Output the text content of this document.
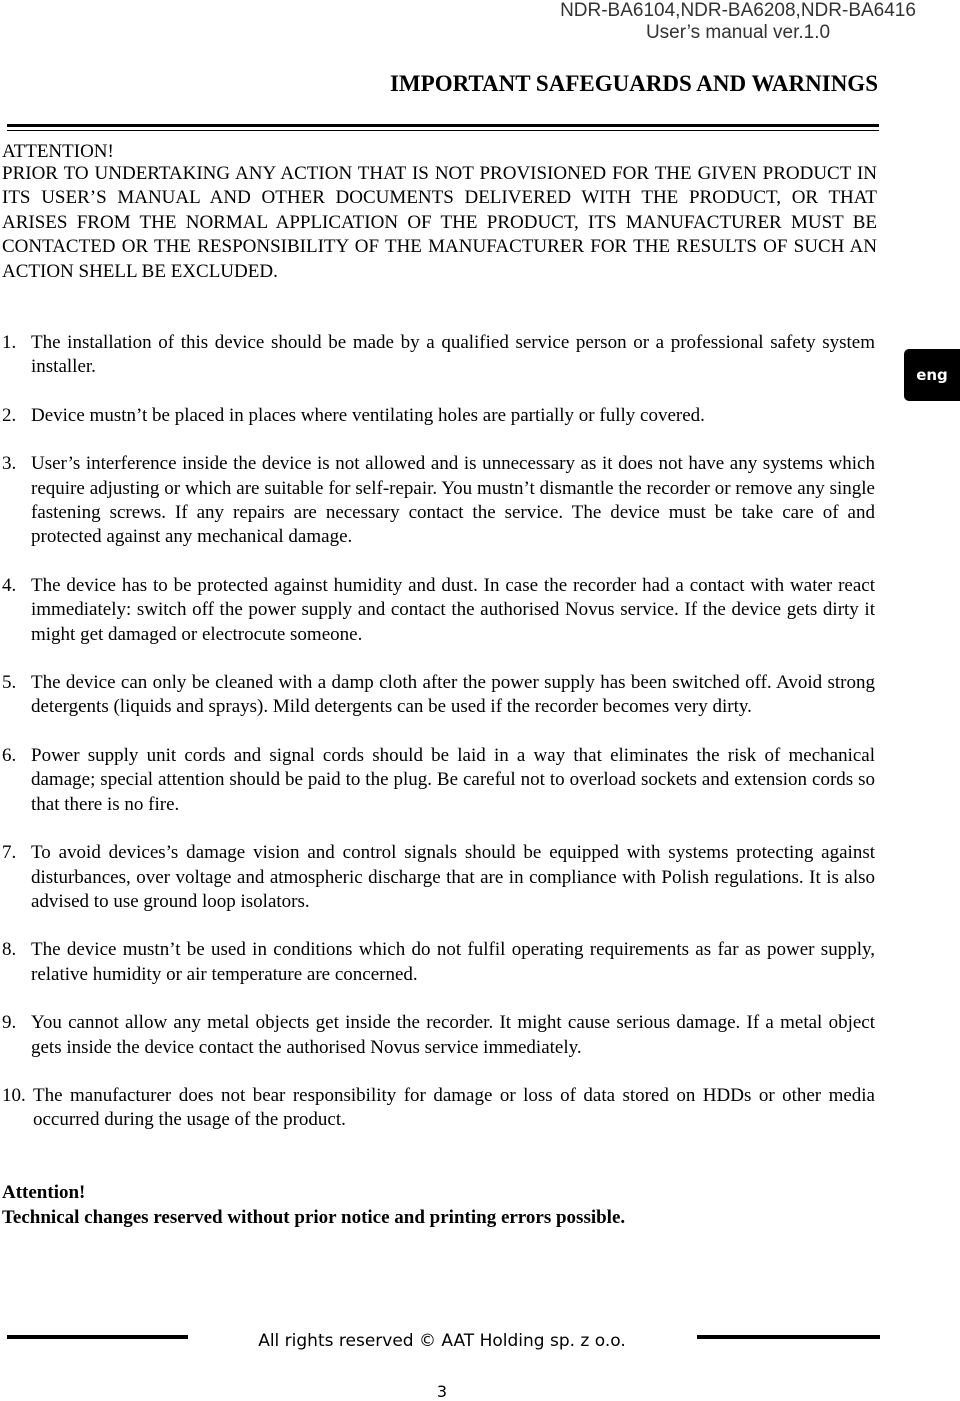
NDR-BA6104,NDR-BA6208,NDR-BA6416
User’s manual ver.1.0
IMPORTANT SAFEGUARDS AND WARNINGS
ATTENTION!

PRIOR TO UNDERTAKING ANY ACTION THAT IS NOT PROVISIONED FOR THE GIVEN PRODUCT IN ITS USER’S MANUAL AND OTHER DOCUMENTS DELIVERED WITH THE PRODUCT, OR THAT ARISES FROM THE NORMAL APPLICATION OF THE PRODUCT, ITS MANUFACTURER MUST BE CONTACTED OR THE RESPONSIBILITY OF THE MANUFACTURER FOR THE RESULTS OF SUCH AN ACTION SHELL BE EXCLUDED.

1. The installation of this device should be made by a qualified service person or a professional safety system installer.
2. Device mustn’t be placed in places where ventilating holes are partially or fully covered.
3. User’s interference inside the device is not allowed and is unnecessary as it does not have any systems which require adjusting or which are suitable for self-repair. You mustn’t dismantle the recorder or remove any single fastening screws. If any repairs are necessary contact the service. The device must be take care of and protected against any mechanical damage.
4. The device has to be protected against humidity and dust. In case the recorder had a contact with water react immediately: switch off the power supply and contact the authorised Novus service. If the device gets dirty it might get damaged or electrocute someone.
5. The device can only be cleaned with a damp cloth after the power supply has been switched off. Avoid strong detergents (liquids and sprays). Mild detergents can be used if the recorder becomes very dirty.
6. Power supply unit cords and signal cords should be laid in a way that eliminates the risk of mechanical damage; special attention should be paid to the plug. Be careful not to overload sockets and extension cords so that there is no fire.
7. To avoid devices’s damage vision and control signals should be equipped with systems protecting against disturbances, over voltage and atmospheric discharge that are in compliance with Polish regulations. It is also advised to use ground loop isolators.
8. The device mustn’t be used in conditions which do not fulfil operating requirements as far as power supply, relative humidity or air temperature are concerned.
9. You cannot allow any metal objects get inside the recorder. It might cause serious damage. If a metal object gets inside the device contact the authorised Novus service immediately.
10. The manufacturer does not bear responsibility for damage or loss of data stored on HDDs or other media occurred during the usage of the product.
eng
Attention!
Technical changes reserved without prior notice and printing errors possible.
All rights reserved © AAT Holding sp. z o.o.
3
